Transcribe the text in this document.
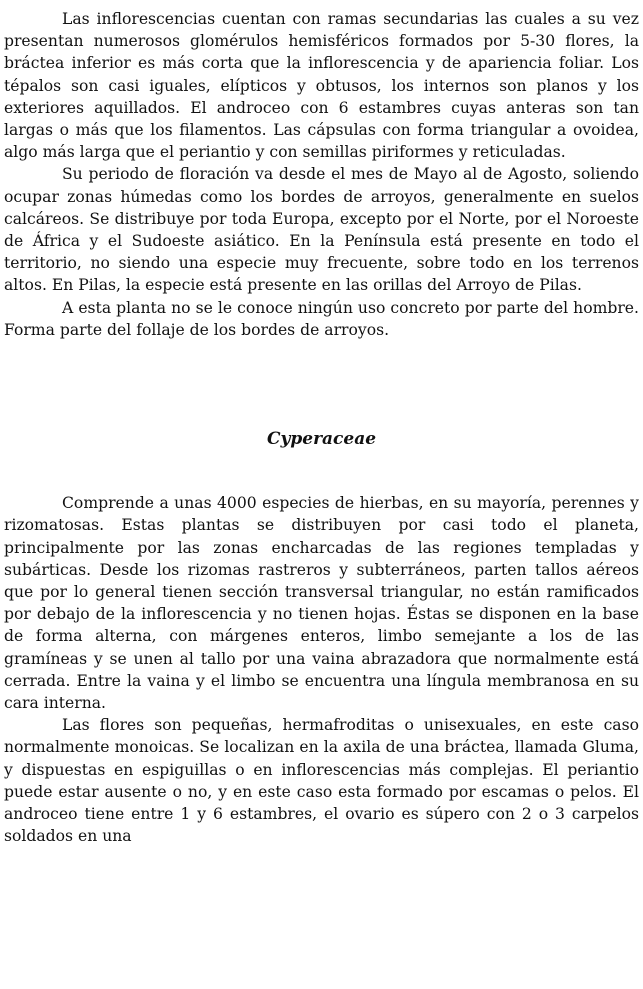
Las inflorescencias cuentan con ramas secundarias las cuales a su vez presentan numerosos glomérulos hemisféricos formados por 5-30 flores, la bráctea inferior es más corta que la inflorescencia y de apariencia foliar. Los tépalos son casi iguales, elípticos y obtusos, los internos son planos y los exteriores aquillados. El androceo con 6 estambres cuyas anteras son tan largas o más que los filamentos. Las cápsulas con forma triangular a ovoidea, algo más larga que el periantio y con semillas piriformes y reticuladas.

Su periodo de floración va desde el mes de Mayo al de Agosto, soliendo ocupar zonas húmedas como los bordes de arroyos, generalmente en suelos calcáreos. Se distribuye por toda Europa, excepto por el Norte, por el Noroeste de África y el Sudoeste asiático. En la Península está presente en todo el territorio, no siendo una especie muy frecuente, sobre todo en los terrenos altos. En Pilas, la especie está presente en las orillas del Arroyo de Pilas.

A esta planta no se le conoce ningún uso concreto por parte del hombre. Forma parte del follaje de los bordes de arroyos.

Cyperaceae

Comprende a unas 4000 especies de hierbas, en su mayoría, perennes y rizomatosas. Estas plantas se distribuyen por casi todo el planeta, principalmente por las zonas encharcadas de las regiones templadas y subárticas. Desde los rizomas rastreros y subterráneos, parten tallos aéreos que por lo general tienen sección transversal triangular, no están ramificados por debajo de la inflorescencia y no tienen hojas. Éstas se disponen en la base de forma alterna, con márgenes enteros, limbo semejante a los de las gramíneas y se unen al tallo por una vaina abrazadora que normalmente está cerrada. Entre la vaina y el limbo se encuentra una língula membranosa en su cara interna.

Las flores son pequeñas, hermafroditas o unisexuales, en este caso normalmente monoicas. Se localizan en la axila de una bráctea, llamada Gluma, y dispuestas en espiguillas o en inflorescencias más complejas. El periantio puede estar ausente o no, y en este caso esta formado por escamas o pelos. El androceo tiene entre 1 y 6 estambres, el ovario es súpero con 2 o 3 carpelos soldados en una
